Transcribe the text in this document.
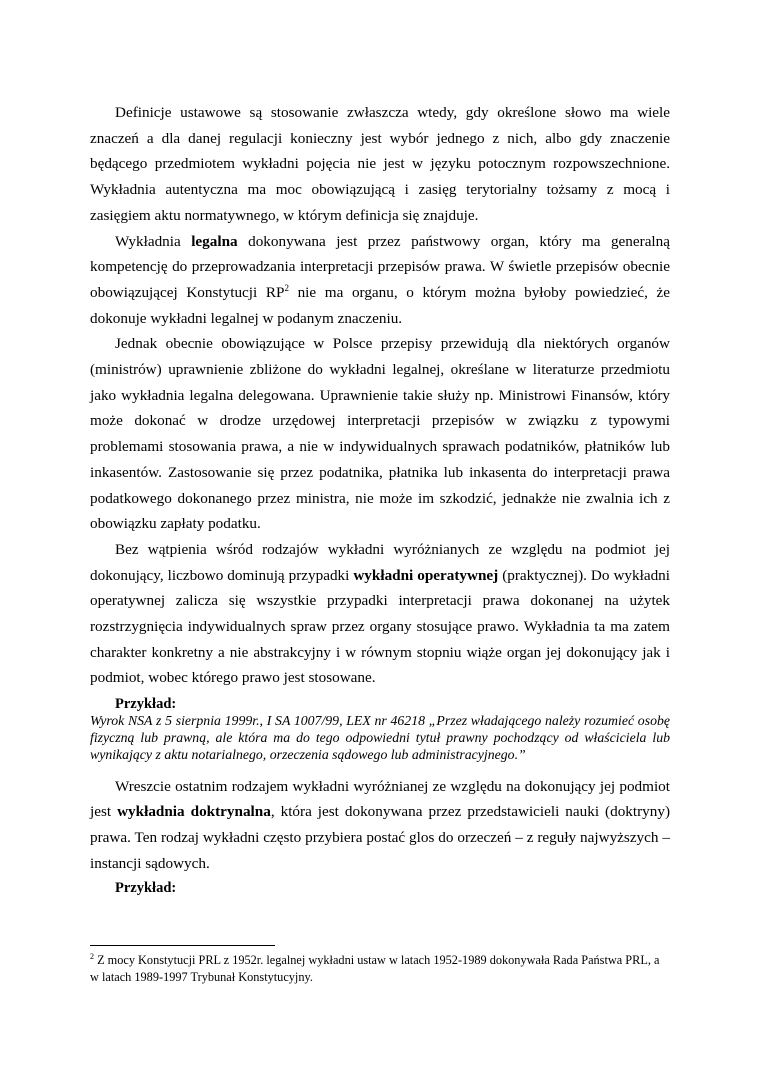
Definicje ustawowe są stosowanie zwłaszcza wtedy, gdy określone słowo ma wiele znaczeń a dla danej regulacji konieczny jest wybór jednego z nich, albo gdy znaczenie będącego przedmiotem wykładni pojęcia nie jest w języku potocznym rozpowszechnione. Wykładnia autentyczna ma moc obowiązującą i zasięg terytorialny tożsamy z mocą i zasięgiem aktu normatywnego, w którym definicja się znajduje.

Wykładnia legalna dokonywana jest przez państwowy organ, który ma generalną kompetencję do przeprowadzania interpretacji przepisów prawa. W świetle przepisów obecnie obowiązującej Konstytucji $RP^2$ nie ma organu, o którym można byłoby powiedzieć, że dokonuje wykładni legalnej w podanym znaczeniu.

Jednak obecnie obowiązujące w Polsce przepisy przewidują dla niektórych organów (ministrów) uprawnienie zbliżone do wykładni legalnej, określane w literaturze przedmiotu jako wykładnia legalna delegowana. Uprawnienie takie służy np. Ministrowi Finansów, który może dokonać w drodze urzędowej interpretacji przepisów w związku z typowymi problemami stosowania prawa, a nie w indywidualnych sprawach podatników, płatników lub inkasentów. Zastosowanie się przez podatnika, płatnika lub inkasenta do interpretacji prawa podatkowego dokonanego przez ministra, nie może im szkodzić, jednakże nie zwalnia ich z obowiązku zapłaty podatku.

Bez wątpienia wśród rodzajów wykładni wyróżnianych ze względu na podmiot jej dokonujący, liczbowo dominują przypadki wykładni operatywnej (praktycznej). Do wykładni operatywnej zalicza się wszystkie przypadki interpretacji prawa dokonanej na użytek rozstrzygnięcia indywidualnych spraw przez organy stosujące prawo. Wykładnia ta ma zatem charakter konkretny a nie abstrakcyjny i w równym stopniu wiąże organ jej dokonujący jak i podmiot, wobec którego prawo jest stosowane.

Przykład:

Wyrok NSA z 5 sierpnia 1999r., I SA 1007/99, LEX nr 46218 „Przez władającego należy rozumieć osobę fizyczną lub prawną, ale która ma do tego odpowiedni tytuł prawny pochodzący od właściciela lub wynikający z aktu notarialnego, orzeczenia sądowego lub administracyjnego.”

Wreszcie ostatnim rodzajem wykładni wyróżnianej ze względu na dokonujący jej podmiot jest wykładnia doktrynalna, która jest dokonywana przez przedstawicieli nauki (doktryny) prawa. Ten rodzaj wykładni często przybiera postać glos do orzeczeń – z reguły najwyższych – instancji sądowych.

Przykład:

$^2$ Z mocy Konstytucji PRL z 1952r. legalnej wykładni ustaw w latach 1952-1989 dokonywała Rada Państwa PRL, a w latach 1989-1997 Trybunał Konstytucyjny.
